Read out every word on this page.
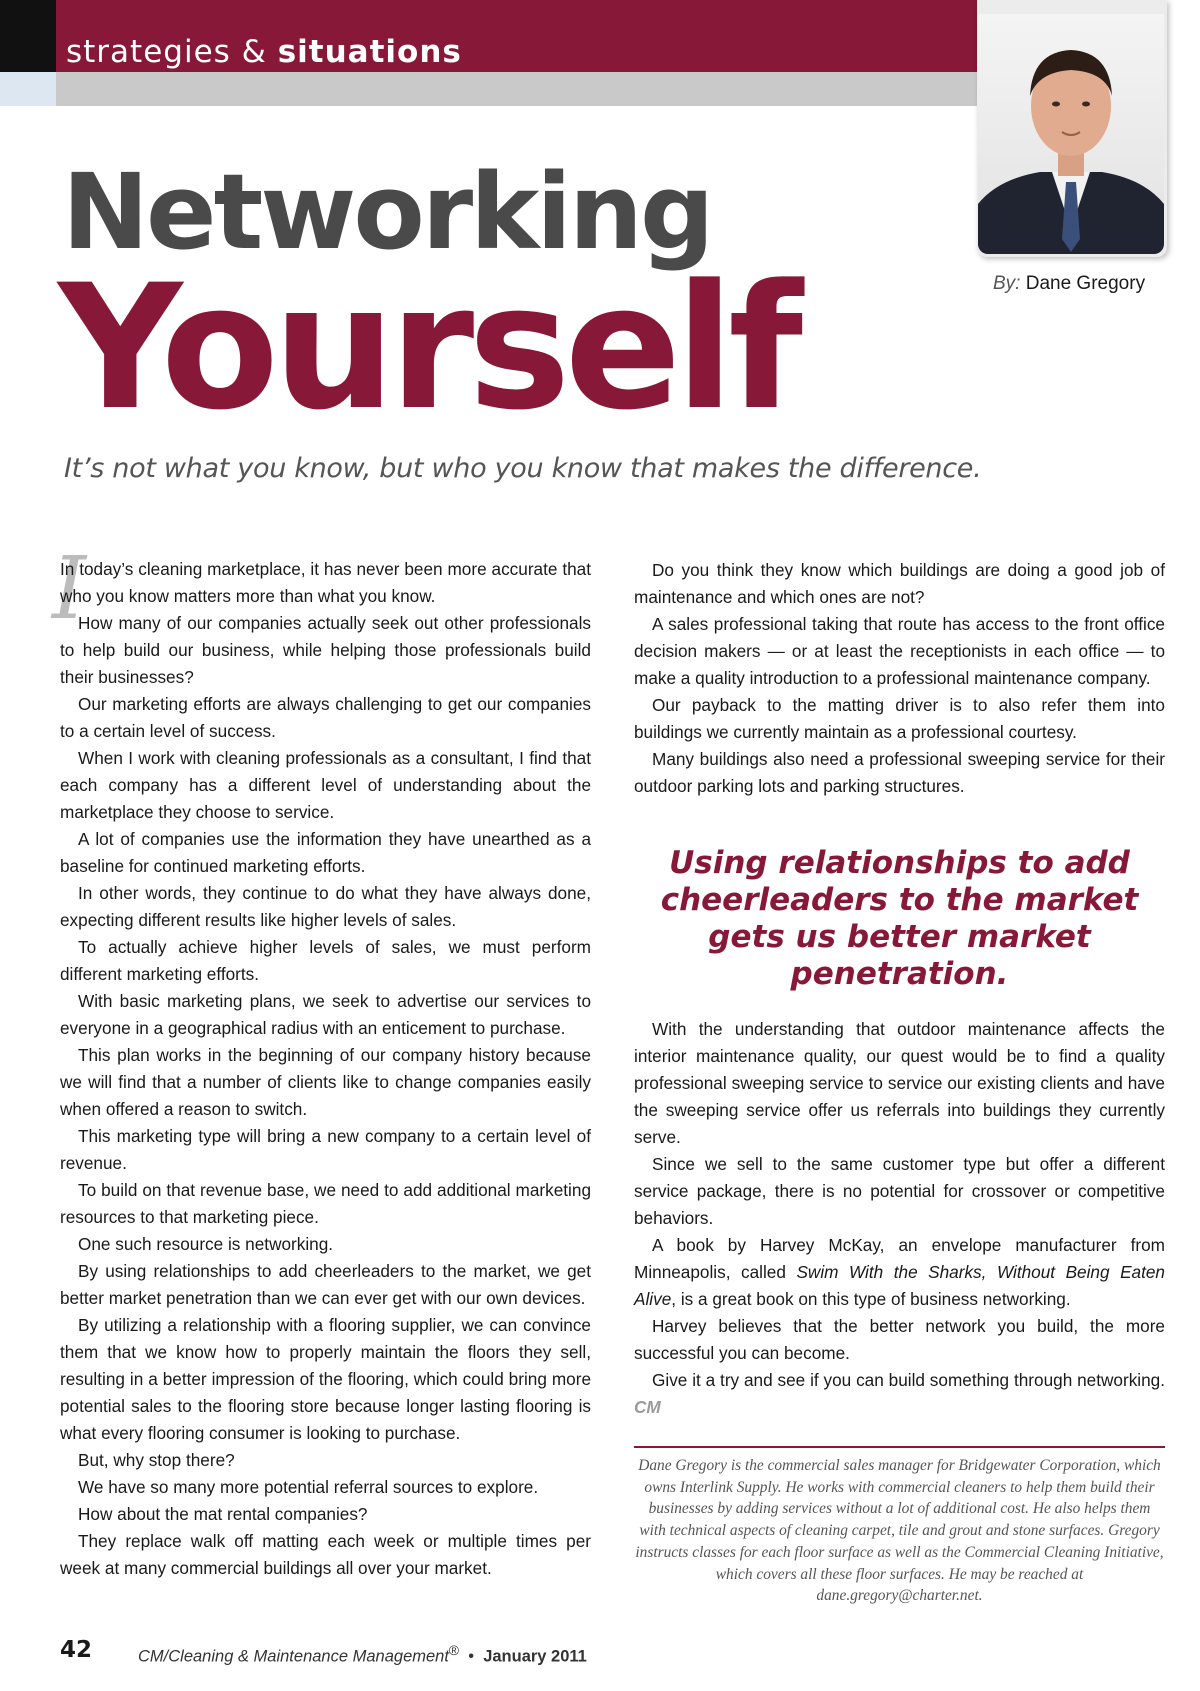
strategies & situations
By: Dane Gregory
Networking
Yourself
It’s not what you know, but who you know that makes the difference.
I

In today’s cleaning marketplace, it has never been more accurate that who you know matters more than what you know.

How many of our companies actually seek out other professionals to help build our business, while helping those professionals build their businesses?

Our marketing efforts are always challenging to get our companies to a certain level of success.

When I work with cleaning professionals as a consultant, I find that each company has a different level of understanding about the marketplace they choose to service.

A lot of companies use the information they have unearthed as a baseline for continued marketing efforts.

In other words, they continue to do what they have always done, expecting different results like higher levels of sales.

To actually achieve higher levels of sales, we must perform different marketing efforts.

With basic marketing plans, we seek to advertise our services to everyone in a geographical radius with an enticement to purchase.

This plan works in the beginning of our company history because we will find that a number of clients like to change companies easily when offered a reason to switch.

This marketing type will bring a new company to a certain level of revenue.

To build on that revenue base, we need to add additional marketing resources to that marketing piece.

One such resource is networking.

By using relationships to add cheerleaders to the market, we get better market penetration than we can ever get with our own devices.

By utilizing a relationship with a flooring supplier, we can convince them that we know how to properly maintain the floors they sell, resulting in a better impression of the flooring, which could bring more potential sales to the flooring store because longer lasting flooring is what every flooring consumer is looking to purchase.

But, why stop there?

We have so many more potential referral sources to explore.

How about the mat rental companies?

They replace walk off matting each week or multiple times per week at many commercial buildings all over your market.

Do you think they know which buildings are doing a good job of maintenance and which ones are not?

A sales professional taking that route has access to the front office decision makers — or at least the receptionists in each office — to make a quality introduction to a professional maintenance company.

Our payback to the matting driver is to also refer them into buildings we currently maintain as a professional courtesy.

Many buildings also need a professional sweeping service for their outdoor parking lots and parking structures.

Using relationships to add cheerleaders to the market gets us better market penetration.

With the understanding that outdoor maintenance affects the interior maintenance quality, our quest would be to find a quality professional sweeping service to service our existing clients and have the sweeping service offer us referrals into buildings they currently serve.

Since we sell to the same customer type but offer a different service package, there is no potential for crossover or competitive behaviors.

A book by Harvey McKay, an envelope manufacturer from Minneapolis, called Swim With the Sharks, Without Being Eaten Alive, is a great book on this type of business networking.

Harvey believes that the better network you build, the more successful you can become.

Give it a try and see if you can build something through networking. CM

Dane Gregory is the commercial sales manager for Bridgewater Corporation, which owns Interlink Supply. He works with commercial cleaners to help them build their businesses by adding services without a lot of additional cost. He also helps them with technical aspects of cleaning carpet, tile and grout and stone surfaces. Gregory instructs classes for each floor surface as well as the Commercial Cleaning Initiative, which covers all these floor surfaces. He may be reached at dane.gregory@charter.net.
42	CM/Cleaning & Maintenance Management® • January 2011
